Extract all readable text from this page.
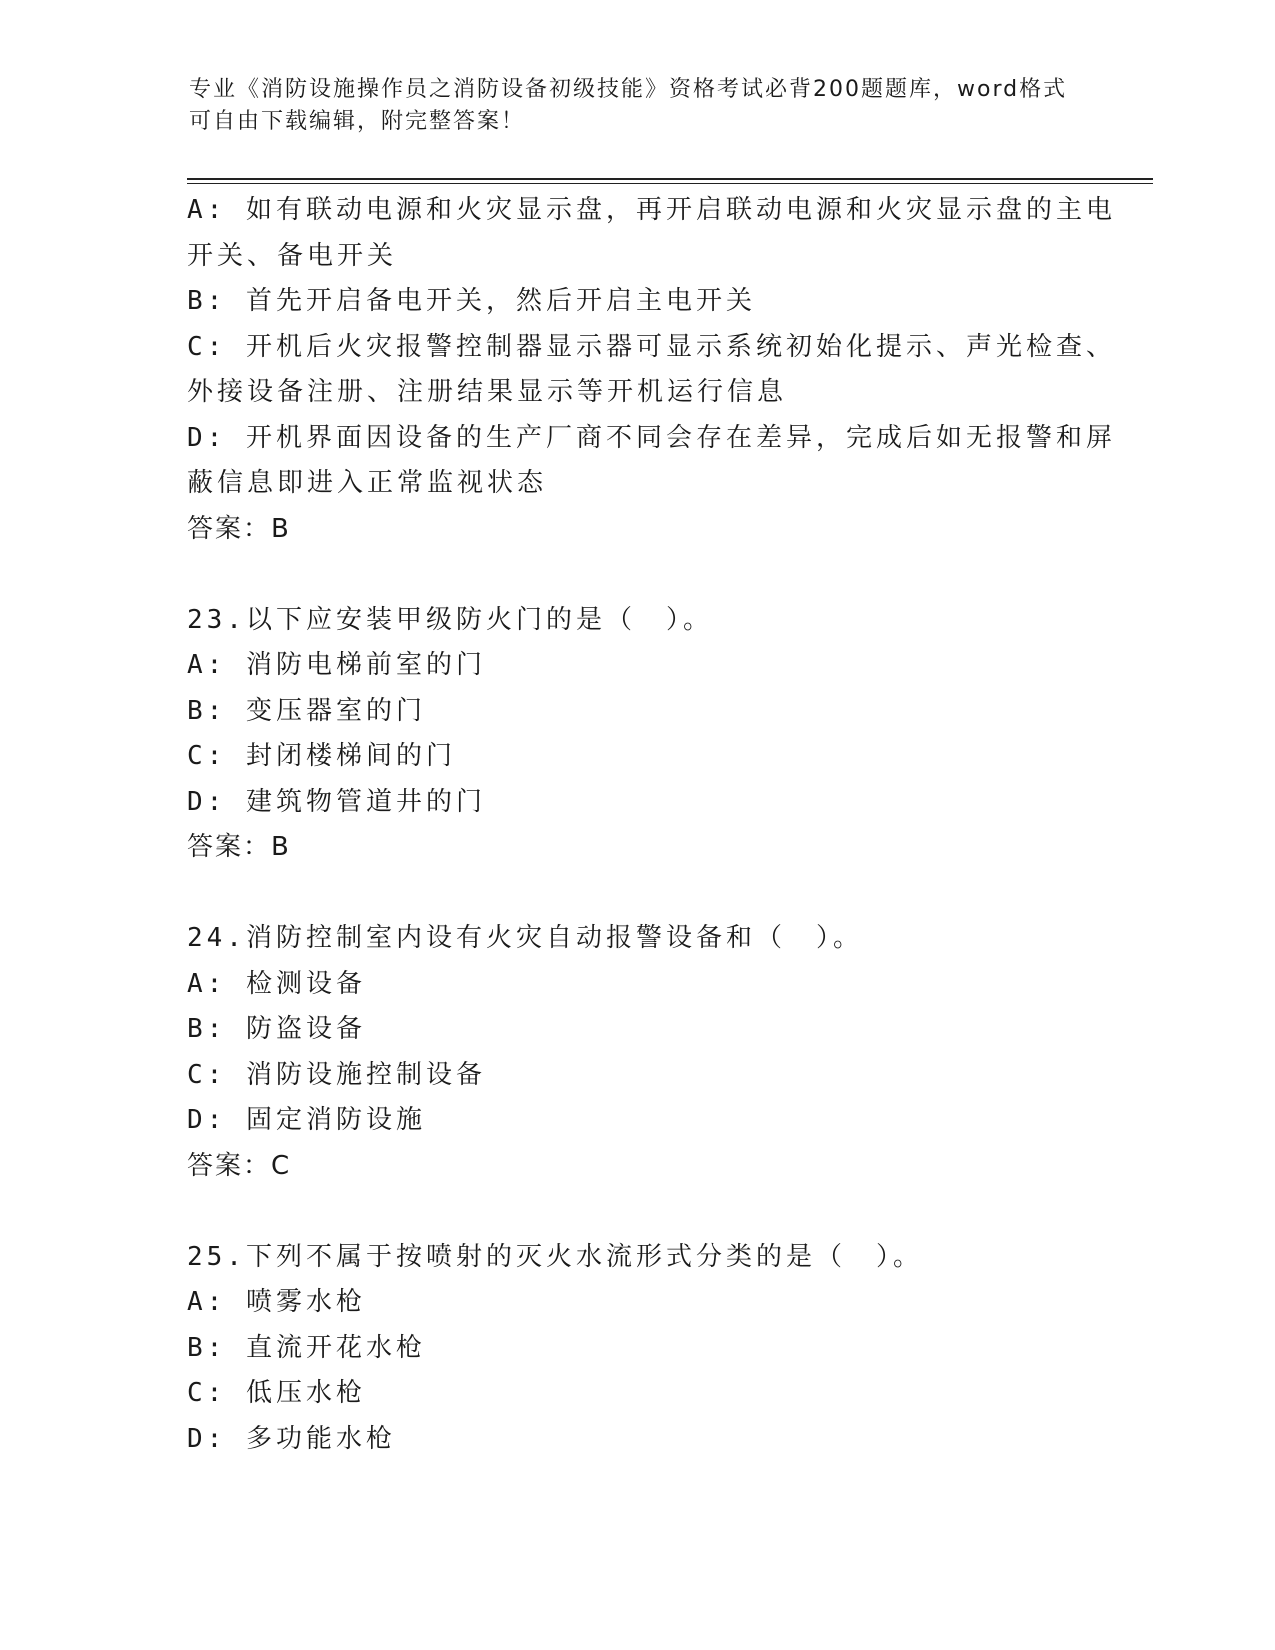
专业《消防设施操作员之消防设备初级技能》资格考试必背200题题库，word格式可自由下载编辑，附完整答案！
A: 如有联动电源和火灾显示盘，再开启联动电源和火灾显示盘的主电
开关、备电开关
B: 首先开启备电开关，然后开启主电开关
C: 开机后火灾报警控制器显示器可显示系统初始化提示、声光检查、
外接设备注册、注册结果显示等开机运行信息
D: 开机界面因设备的生产厂商不同会存在差异，完成后如无报警和屏
蔽信息即进入正常监视状态
答案：B
23.以下应安装甲级防火门的是（　）。
A: 消防电梯前室的门
B: 变压器室的门
C: 封闭楼梯间的门
D: 建筑物管道井的门
答案：B
24.消防控制室内设有火灾自动报警设备和（　）。
A: 检测设备
B: 防盗设备
C: 消防设施控制设备
D: 固定消防设施
答案：C
25.下列不属于按喷射的灭火水流形式分类的是（　）。
A: 喷雾水枪
B: 直流开花水枪
C: 低压水枪
D: 多功能水枪
